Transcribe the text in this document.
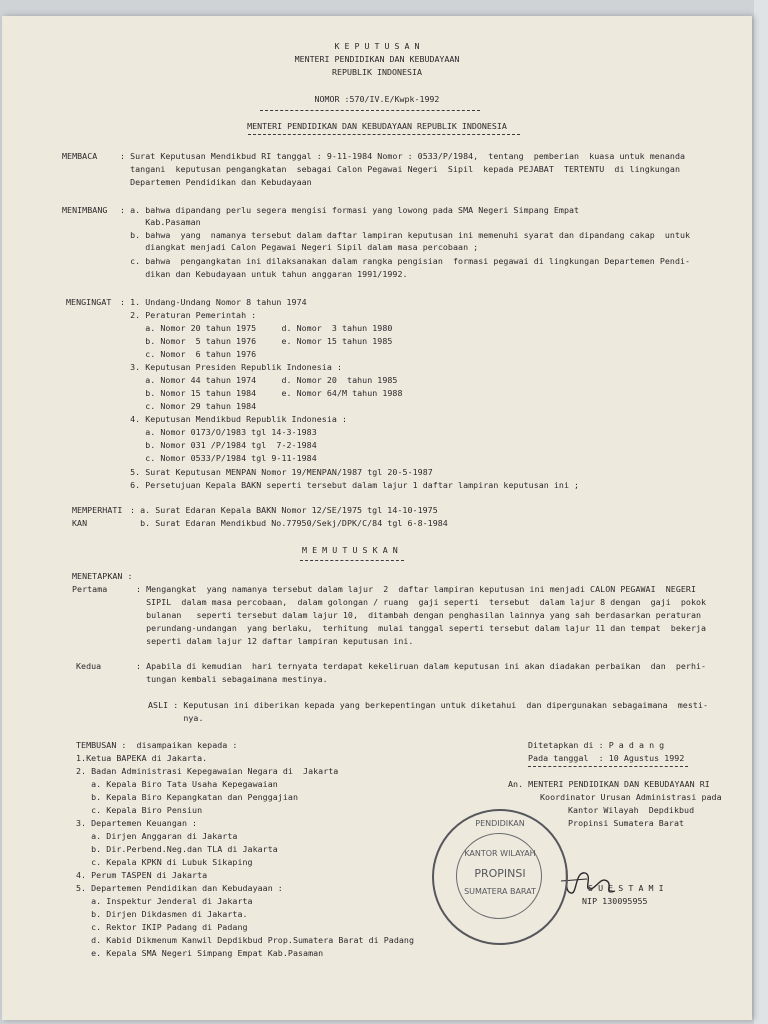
K E P U T U S A N
MENTERI PENDIDIKAN DAN KEBUDAYAAN
REPUBLIK INDONESIA
NOMOR :570/IV.E/Kwpk-1992
MENTERI PENDIDIKAN DAN KEBUDAYAAN REPUBLIK INDONESIA
MEMBACA	: Surat Keputusan Mendikbud RI tanggal : 9-11-1984 Nomor : 0533/P/1984,  tentang  pemberian  kuasa untuk menanda
tangani  keputusan pengangkatan  sebagai Calon Pegawai Negeri  Sipil  kepada PEJABAT  TERTENTU  di lingkungan
Departemen Pendidikan dan Kebudayaan
MENIMBANG : a. bahwa dipandang perlu segera mengisi formasi yang lowong pada SMA Negeri Simpang Empat
Kab.Pasaman
b. bahwa  yang  namanya tersebut dalam daftar lampiran keputusan ini memenuhi syarat dan dipandang cakap  untuk
diangkat menjadi Calon Pegawai Negeri Sipil dalam masa percobaan ;
c. bahwa  pengangkatan ini dilaksanakan dalam rangka pengisian  formasi pegawai di lingkungan Departemen Pendi-
dikan dan Kebudayaan untuk tahun anggaran 1991/1992.
MENGINGAT : 1. Undang-Undang Nomor 8 tahun 1974
2. Peraturan Pemerintah :
a. Nomor 20 tahun 1975     d. Nomor  3 tahun 1980
b. Nomor  5 tahun 1976     e. Nomor 15 tahun 1985
c. Nomor  6 tahun 1976
3. Keputusan Presiden Republik Indonesia :
a. Nomor 44 tahun 1974     d. Nomor 20  tahun 1985
b. Nomor 15 tahun 1984     e. Nomor 64/M tahun 1988
c. Nomor 29 tahun 1984
4. Keputusan Mendikbud Republik Indonesia :
a. Nomor 0173/O/1983 tgl 14-3-1983
b. Nomor 031 /P/1984 tgl  7-2-1984
c. Nomor 0533/P/1984 tgl 9-11-1984
5. Surat Keputusan MENPAN Nomor 19/MENPAN/1987 tgl 20-5-1987
6. Persetujuan Kepala BAKN seperti tersebut dalam lajur 1 daftar lampiran keputusan ini ;
MEMPERHATI
KAN
: a. Surat Edaran Kepala BAKN Nomor 12/SE/1975 tgl 14-10-1975
b. Surat Edaran Mendikbud No.77950/Sekj/DPK/C/84 tgl 6-8-1984
M E M U T U S K A N
MENETAPKAN :
Pertama	: Mengangkat  yang namanya tersebut dalam lajur  2  daftar lampiran keputusan ini menjadi CALON PEGAWAI  NEGERI
SIPIL  dalam masa percobaan,  dalam golongan / ruang  gaji seperti  tersebut  dalam lajur 8 dengan  gaji  pokok
bulanan   seperti tersebut dalam lajur 10,  ditambah dengan penghasilan lainnya yang sah berdasarkan peraturan
perundang-undangan  yang berlaku,  terhitung  mulai tanggal seperti tersebut dalam lajur 11 dan tempat  bekerja
seperti dalam lajur 12 daftar lampiran keputusan ini.
Kedua	: Apabila di kemudian  hari ternyata terdapat kekeliruan dalam keputusan ini akan diadakan perbaikan  dan  perhi-
tungan kembali sebagaimana mestinya.
ASLI : Keputusan ini diberikan kepada yang berkepentingan untuk diketahui  dan dipergunakan sebagaimana  mesti-
nya.
TEMBUSAN :  disampaikan kepada :
1.Ketua BAPEKA di Jakarta.
2. Badan Administrasi Kepegawaian Negara di  Jakarta
a. Kepala Biro Tata Usaha Kepegawaian
b. Kepala Biro Kepangkatan dan Penggajian
c. Kepala Biro Pensiun
3. Departemen Keuangan :
a. Dirjen Anggaran di Jakarta
b. Dir.Perbend.Neg.dan TLA di Jakarta
c. Kepala KPKN di Lubuk Sikaping
4. Perum TASPEN di Jakarta
5. Departemen Pendidikan dan Kebudayaan :
a. Inspektur Jenderal di Jakarta
b. Dirjen Dikdasmen di Jakarta.
c. Rektor IKIP Padang di Padang
d. Kabid Dikmenum Kanwil Depdikbud Prop.Sumatera Barat di Padang
e. Kepala SMA Negeri Simpang Empat Kab.Pasaman
Ditetapkan di : P a d a n g
Pada tanggal  : 10 Agustus 1992
An. MENTERI PENDIDIKAN DAN KEBUDAYAAN RI
Koordinator Urusan Administrasi pada
Kantor Wilayah  Depdikbud
Propinsi Sumatera Barat
S U E S T A M I
NIP 130095955
PENDIDIKAN
KANTOR WILAYAH
PROPINSI
SUMATERA BARAT
